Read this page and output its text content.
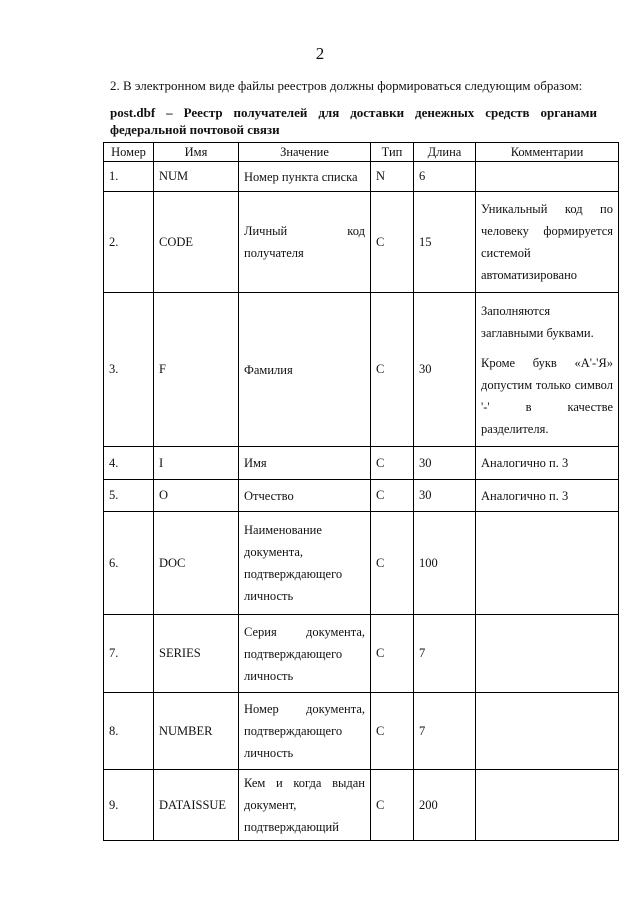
2
2. В электронном виде файлы реестров должны формироваться следующим образом:
post.dbf – Реестр получателей для доставки денежных средств органами
федеральной почтовой связи
Номер	Имя	Значение	Тип	Длина	Комментарии
1.	NUM	Номер пункта списка	N	6	
2.	CODE	Личный код получателя	C	15	Уникальный код по человеку формируется системой автоматизировано

3.	F	Фамилия	C	30	Заполняются заглавными буквами.
Кроме букв «А'-'Я» допустим только символ '-' в качестве разделителя.

4.	I	Имя	C	30	Аналогично п. 3

5.	O	Отчество	C	30	Аналогично п. 3

6.	DOC	Наименование документа, подтверждающего личность	C	100	
7.	SERIES	Серия документа, подтверждающего личность	C	7	
8.	NUMBER	Номер документа, подтверждающего личность	C	7	
9.	DATAISSUE	Кем и когда выдан документ, подтверждающий	C	200	
